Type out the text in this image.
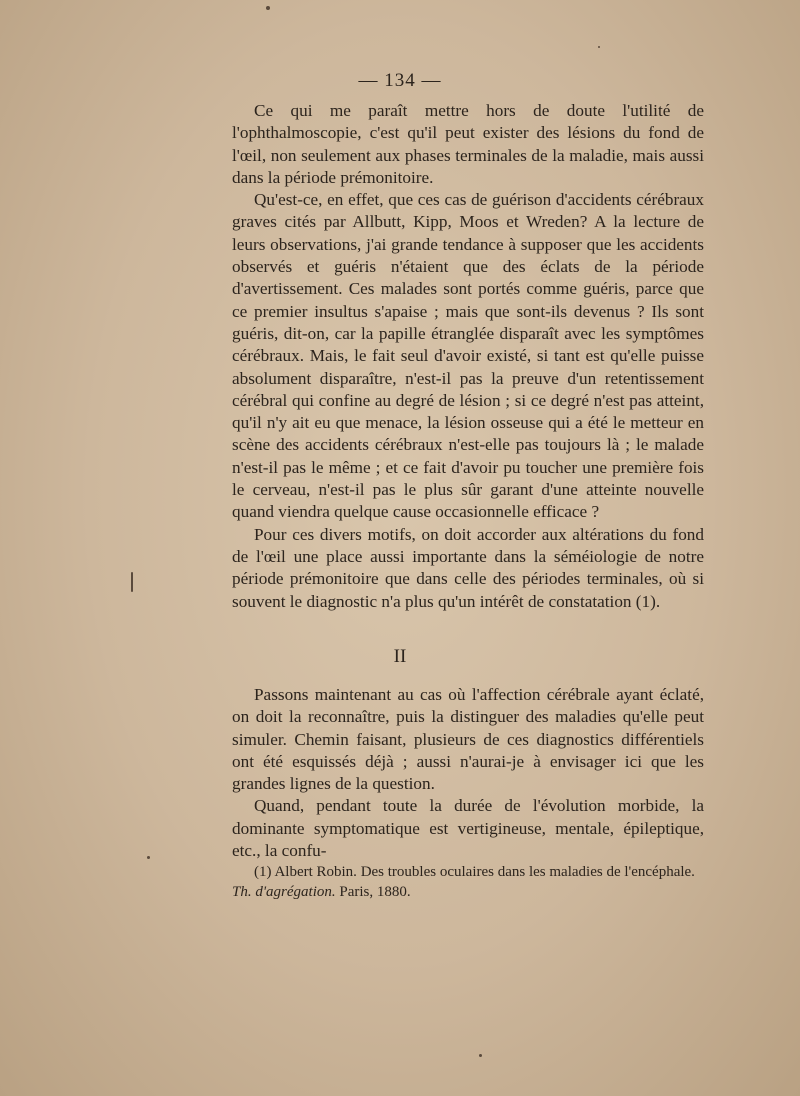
— 134 —

Ce qui me paraît mettre hors de doute l'utilité de l'ophthalmoscopie, c'est qu'il peut exister des lésions du fond de l'œil, non seulement aux phases terminales de la maladie, mais aussi dans la période prémonitoire.

Qu'est-ce, en effet, que ces cas de guérison d'accidents cérébraux graves cités par Allbutt, Kipp, Moos et Wreden? A la lecture de leurs observations, j'ai grande tendance à supposer que les accidents observés et guéris n'étaient que des éclats de la période d'avertissement. Ces malades sont portés comme guéris, parce que ce premier insultus s'apaise ; mais que sont-ils devenus ? Ils sont guéris, dit-on, car la papille étranglée disparaît avec les symptômes cérébraux. Mais, le fait seul d'avoir existé, si tant est qu'elle puisse absolument disparaître, n'est-il pas la preuve d'un retentissement cérébral qui confine au degré de lésion ; si ce degré n'est pas atteint, qu'il n'y ait eu que menace, la lésion osseuse qui a été le metteur en scène des accidents cérébraux n'est-elle pas toujours là ; le malade n'est-il pas le même ; et ce fait d'avoir pu toucher une première fois le cerveau, n'est-il pas le plus sûr garant d'une atteinte nouvelle quand viendra quelque cause occasionnelle efficace ?

Pour ces divers motifs, on doit accorder aux altérations du fond de l'œil une place aussi importante dans la séméiologie de notre période prémonitoire que dans celle des périodes terminales, où si souvent le diagnostic n'a plus qu'un intérêt de constatation (1).

II

Passons maintenant au cas où l'affection cérébrale ayant éclaté, on doit la reconnaître, puis la distinguer des maladies qu'elle peut simuler. Chemin faisant, plusieurs de ces diagnostics différentiels ont été esquissés déjà ; aussi n'aurai-je à envisager ici que les grandes lignes de la question.

Quand, pendant toute la durée de l'évolution morbide, la dominante symptomatique est vertigineuse, mentale, épileptique, etc., la confu-

(1) Albert Robin. Des troubles oculaires dans les maladies de l'encéphale. Th. d'agrégation. Paris, 1880.
